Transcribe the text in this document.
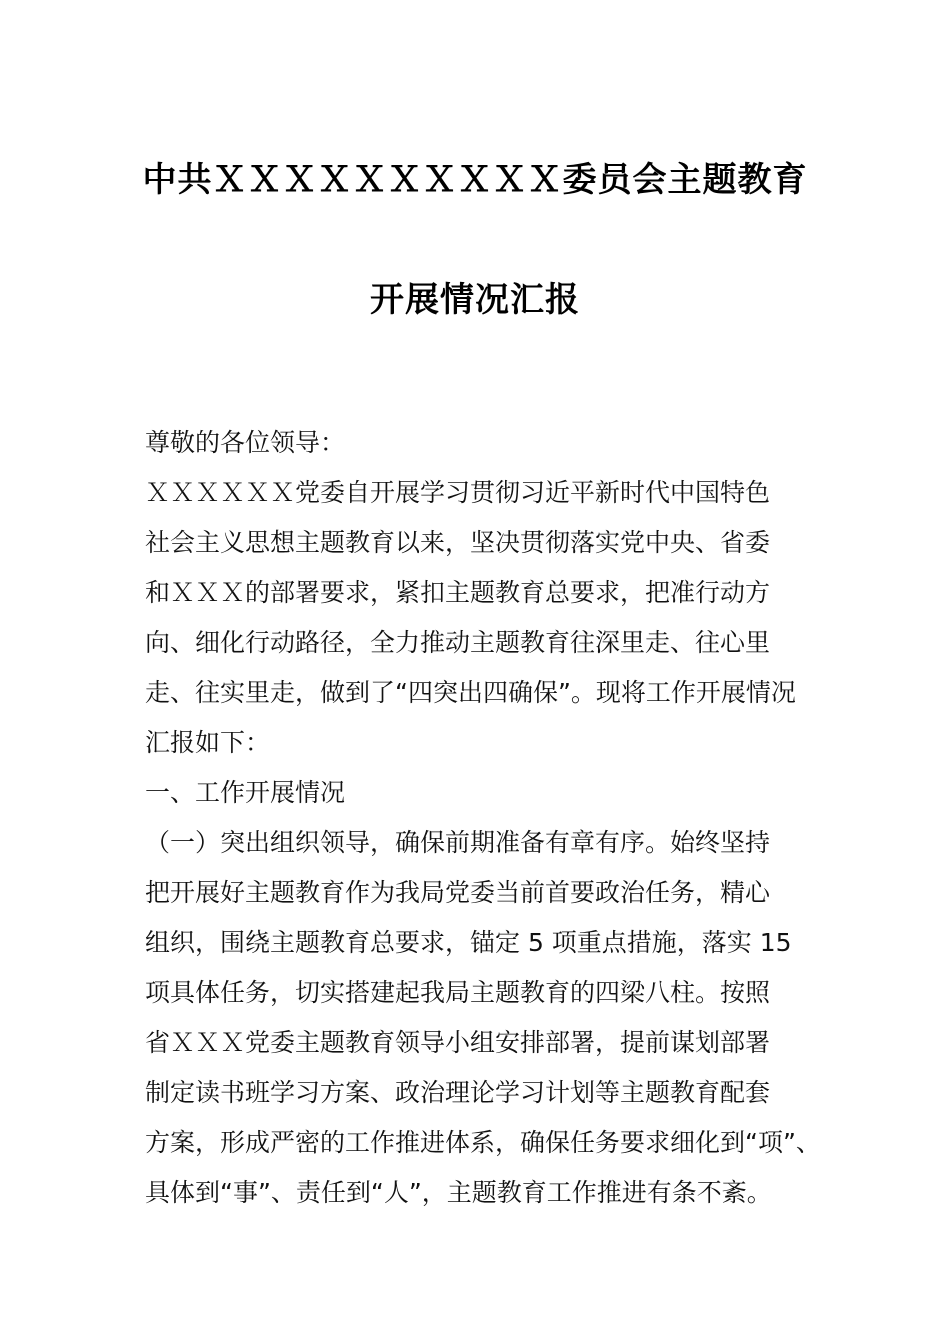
中共ＸＸＸＸＸＸＸＸＸＸ委员会主题教育
开展情况汇报
尊敬的各位领导：
ＸＸＸＸＸＸ党委自开展学习贯彻习近平新时代中国特色
社会主义思想主题教育以来，坚决贯彻落实党中央、省委
和ＸＸＸ的部署要求，紧扣主题教育总要求，把准行动方
向、细化行动路径，全力推动主题教育往深里走、往心里
走、往实里走，做到了“四突出四确保”。现将工作开展情况
汇报如下：
一、工作开展情况
（一）突出组织领导，确保前期准备有章有序。始终坚持
把开展好主题教育作为我局党委当前首要政治任务，精心
组织，围绕主题教育总要求，锚定 5 项重点措施，落实 15
项具体任务，切实搭建起我局主题教育的四梁八柱。按照
省ＸＸＸ党委主题教育领导小组安排部署，提前谋划部署
制定读书班学习方案、政治理论学习计划等主题教育配套
方案，形成严密的工作推进体系，确保任务要求细化到“项”、
具体到“事”、责任到“人”，主题教育工作推进有条不紊。
